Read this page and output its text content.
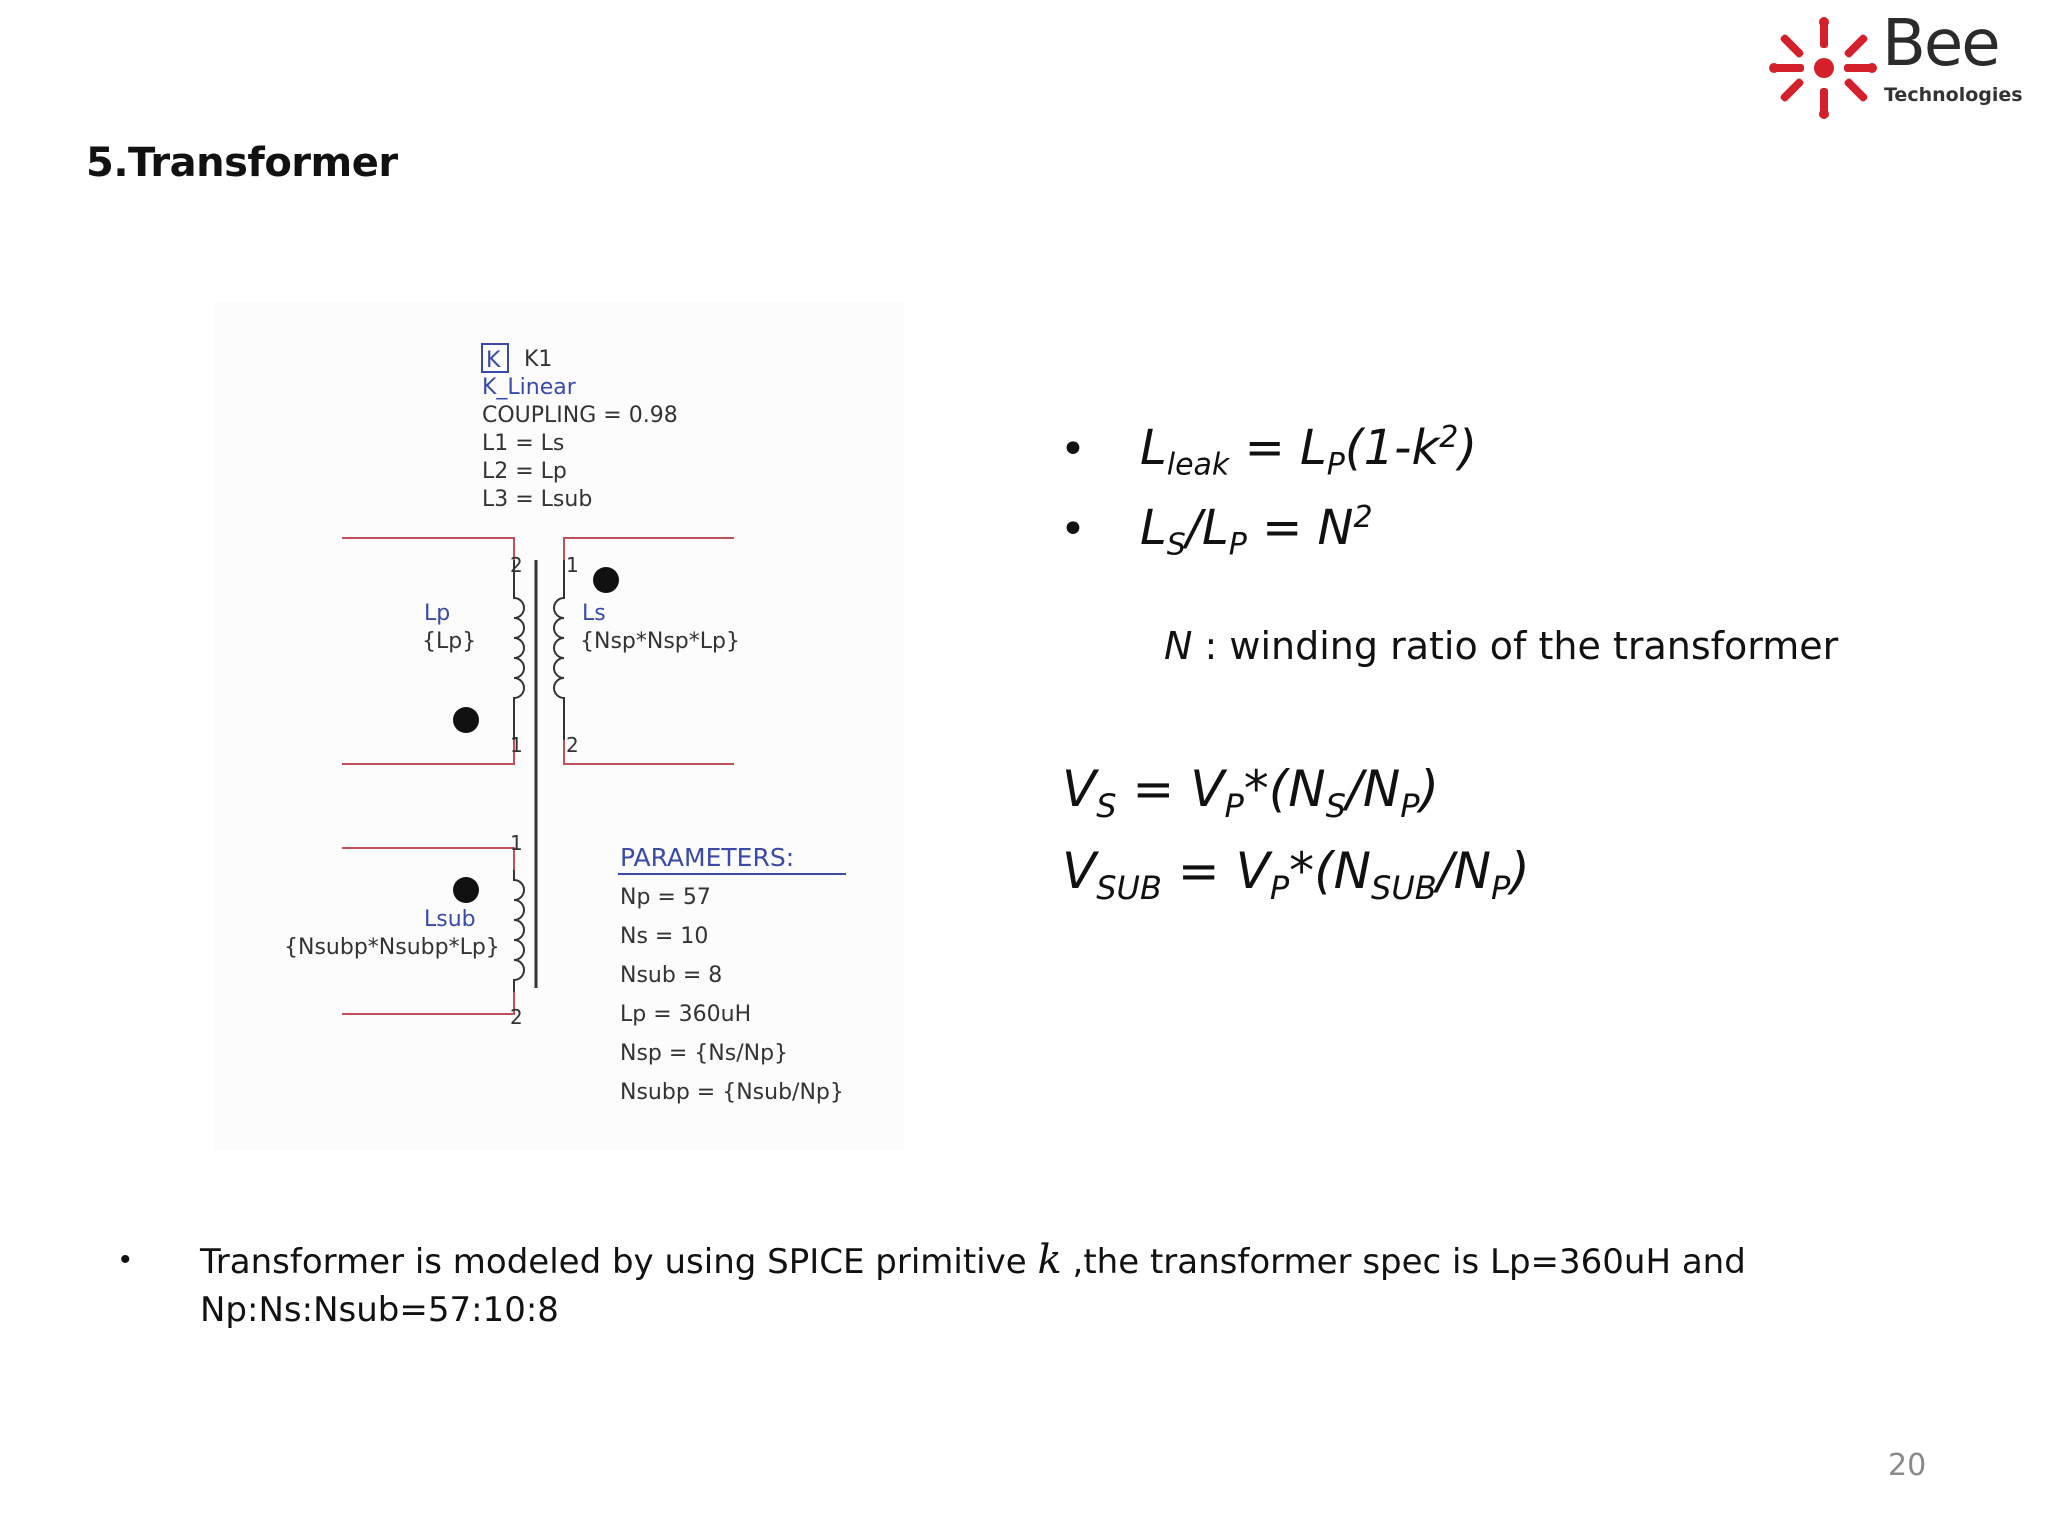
5.Transformer
Bee
Technologies
K K1
K_Linear
COUPLING = 0.98
L1 = Ls
L2 = Lp
L3 = Lsub
2
1
1
2
1
2
Lp
{Lp}
Ls
{Nsp*Nsp*Lp}
Lsub
{Nsubp*Nsubp*Lp}
PARAMETERS:
Np = 57
Ns = 10
Nsub = 8
Lp = 360uH
Nsp = {Ns/Np}
Nsubp = {Nsub/Np}
• $L_{leak} = L_P(1-k^2)$
• $L_S/L_P = N^2$
N : winding ratio of the transformer
$V_S = V_P*(N_S/N_P)$
$V_{SUB} = V_P*(N_{SUB}/N_P)$
• Transformer is modeled by using SPICE primitive k ,the transformer spec is Lp=360uH and Np:Ns:Nsub=57:10:8
20
